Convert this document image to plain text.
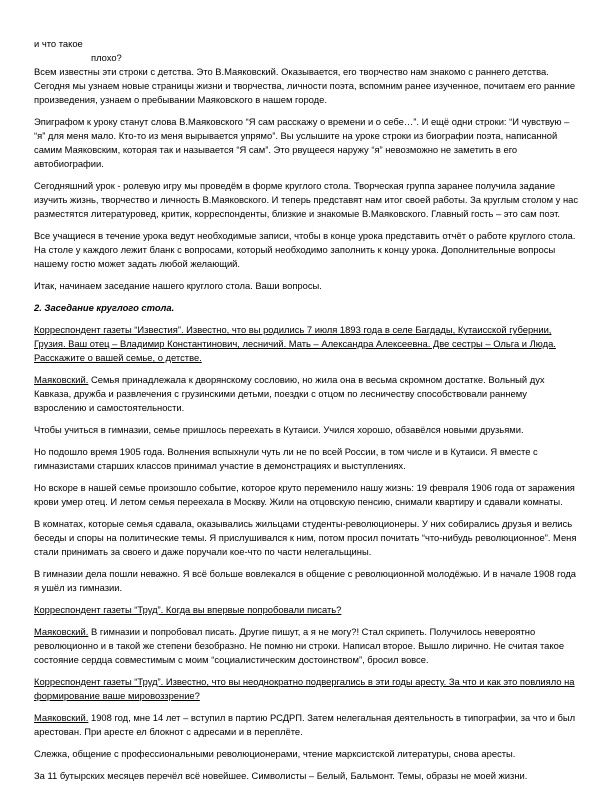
и что такое

плохо?

Всем известны эти строки с детства. Это В.Маяковский. Оказывается, его творчество нам знакомо с раннего детства. Сегодня мы узнаем новые страницы жизни и творчества, личности поэта, вспомним ранее изученное, почитаем его ранние произведения, узнаем о пребывании Маяковского в нашем городе.

Эпиграфом к уроку станут слова В.Маяковского “Я сам расскажу о времени и о себе…”. И ещё одни строки: “И чувствую – “я” для меня мало. Кто-то из меня вырывается упрямо”. Вы услышите на уроке строки из биографии поэта, написанной самим Маяковским, которая так и называется “Я сам”. Это рвущееся наружу “я” невозможно не заметить в его автобиографии.

Сегодняшний урок - ролевую игру мы проведём в форме круглого стола. Творческая группа заранее получила задание изучить жизнь, творчество и личность В.Маяковского. И теперь представят нам итог своей работы. За круглым столом у нас разместятся литературовед, критик, корреспонденты, близкие и знакомые В.Маяковского. Главный гость – это сам поэт.

Все учащиеся в течение урока ведут необходимые записи, чтобы в конце урока представить отчёт о работе круглого стола. На столе у каждого лежит бланк с вопросами, который необходимо заполнить к концу урока. Дополнительные вопросы нашему гостю может задать любой желающий.

Итак, начинаем заседание нашего круглого стола. Ваши вопросы.

2. Заседание круглого стола.

Корреспондент газеты “Известия”. Известно, что вы родились 7 июля 1893 года в селе Багдады, Кутаисской губернии, Грузия. Ваш отец – Владимир Константинович, лесничий. Мать – Александра Алексеевна. Две сестры – Ольга и Люда. Расскажите о вашей семье, о детстве.

Маяковский. Семья принадлежала к дворянскому сословию, но жила она в весьма скромном достатке. Вольный дух Кавказа, дружба и развлечения с грузинскими детьми, поездки с отцом по лесничеству способствовали раннему взрослению и самостоятельности.

Чтобы учиться в гимназии, семье пришлось переехать в Кутаиси. Учился хорошо, обзавёлся новыми друзьями.

Но подошло время 1905 года. Волнения вспыхнули чуть ли не по всей России, в том числе и в Кутаиси. Я вместе с гимназистами старших классов принимал участие в демонстрациях и выступлениях.

Но вскоре в нашей семье произошло событие, которое круто переменило нашу жизнь: 19 февраля 1906 года от заражения крови умер отец. И летом семья переехала в Москву. Жили на отцовскую пенсию, снимали квартиру и сдавали комнаты.

В комнатах, которые семья сдавала, оказывались жильцами студенты-революционеры. У них собирались друзья и велись беседы и споры на политические темы. Я прислушивался к ним, потом просил почитать “что-нибудь революционное”. Меня стали принимать за своего и даже поручали кое-что по части нелегальщины.

В гимназии дела пошли неважно. Я всё больше вовлекался в общение с революционной молодёжью. И в начале 1908 года я ушёл из гимназии.

Корреспондент газеты “Труд”. Когда вы впервые попробовали писать?

Маяковский. В гимназии и попробовал писать. Другие пишут, а я не могу?! Стал скрипеть. Получилось невероятно революционно и в такой же степени безобразно. Не помню ни строки. Написал второе. Вышло лирично. Не считая такое состояние сердца совместимым с моим “социалистическим достоинством”, бросил вовсе.

Корреспондент газеты “Труд”. Известно, что вы неоднократно подвергались в эти годы аресту. За что и как это повлияло на формирование ваше мировоззрение?

Маяковский. 1908 год, мне 14 лет – вступил в партию РСДРП. Затем нелегальная деятельность в типографии, за что и был арестован. При аресте ел блокнот с адресами и в переплёте.

Слежка, общение с профессиональными революционерами, чтение марксистской литературы, снова аресты.

За 11 бутырских месяцев перечёл всё новейшее. Символисты – Белый, Бальмонт. Темы, образы не моей жизни.
